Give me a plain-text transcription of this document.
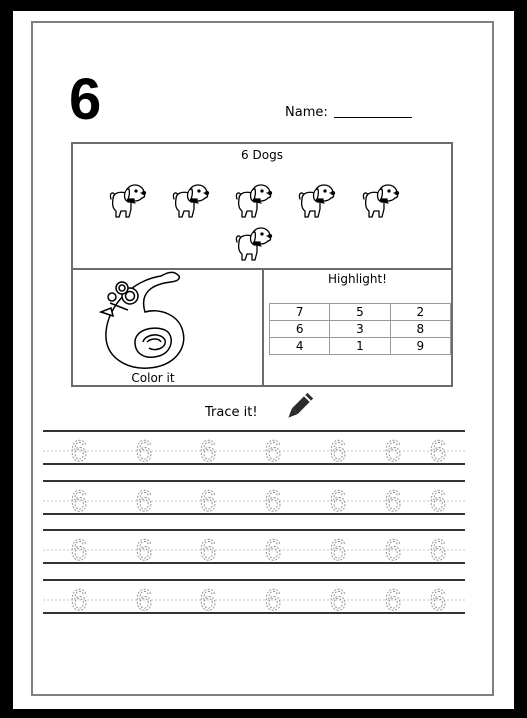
6	Name:
6 Dogs
Color it
Highlight!
7	5	2
6	3	8
4	1	9
Trace it!
6 6 6 6 6 6 6
6 6 6 6 6 6 6
6 6 6 6 6 6 6
6 6 6 6 6 6 6
